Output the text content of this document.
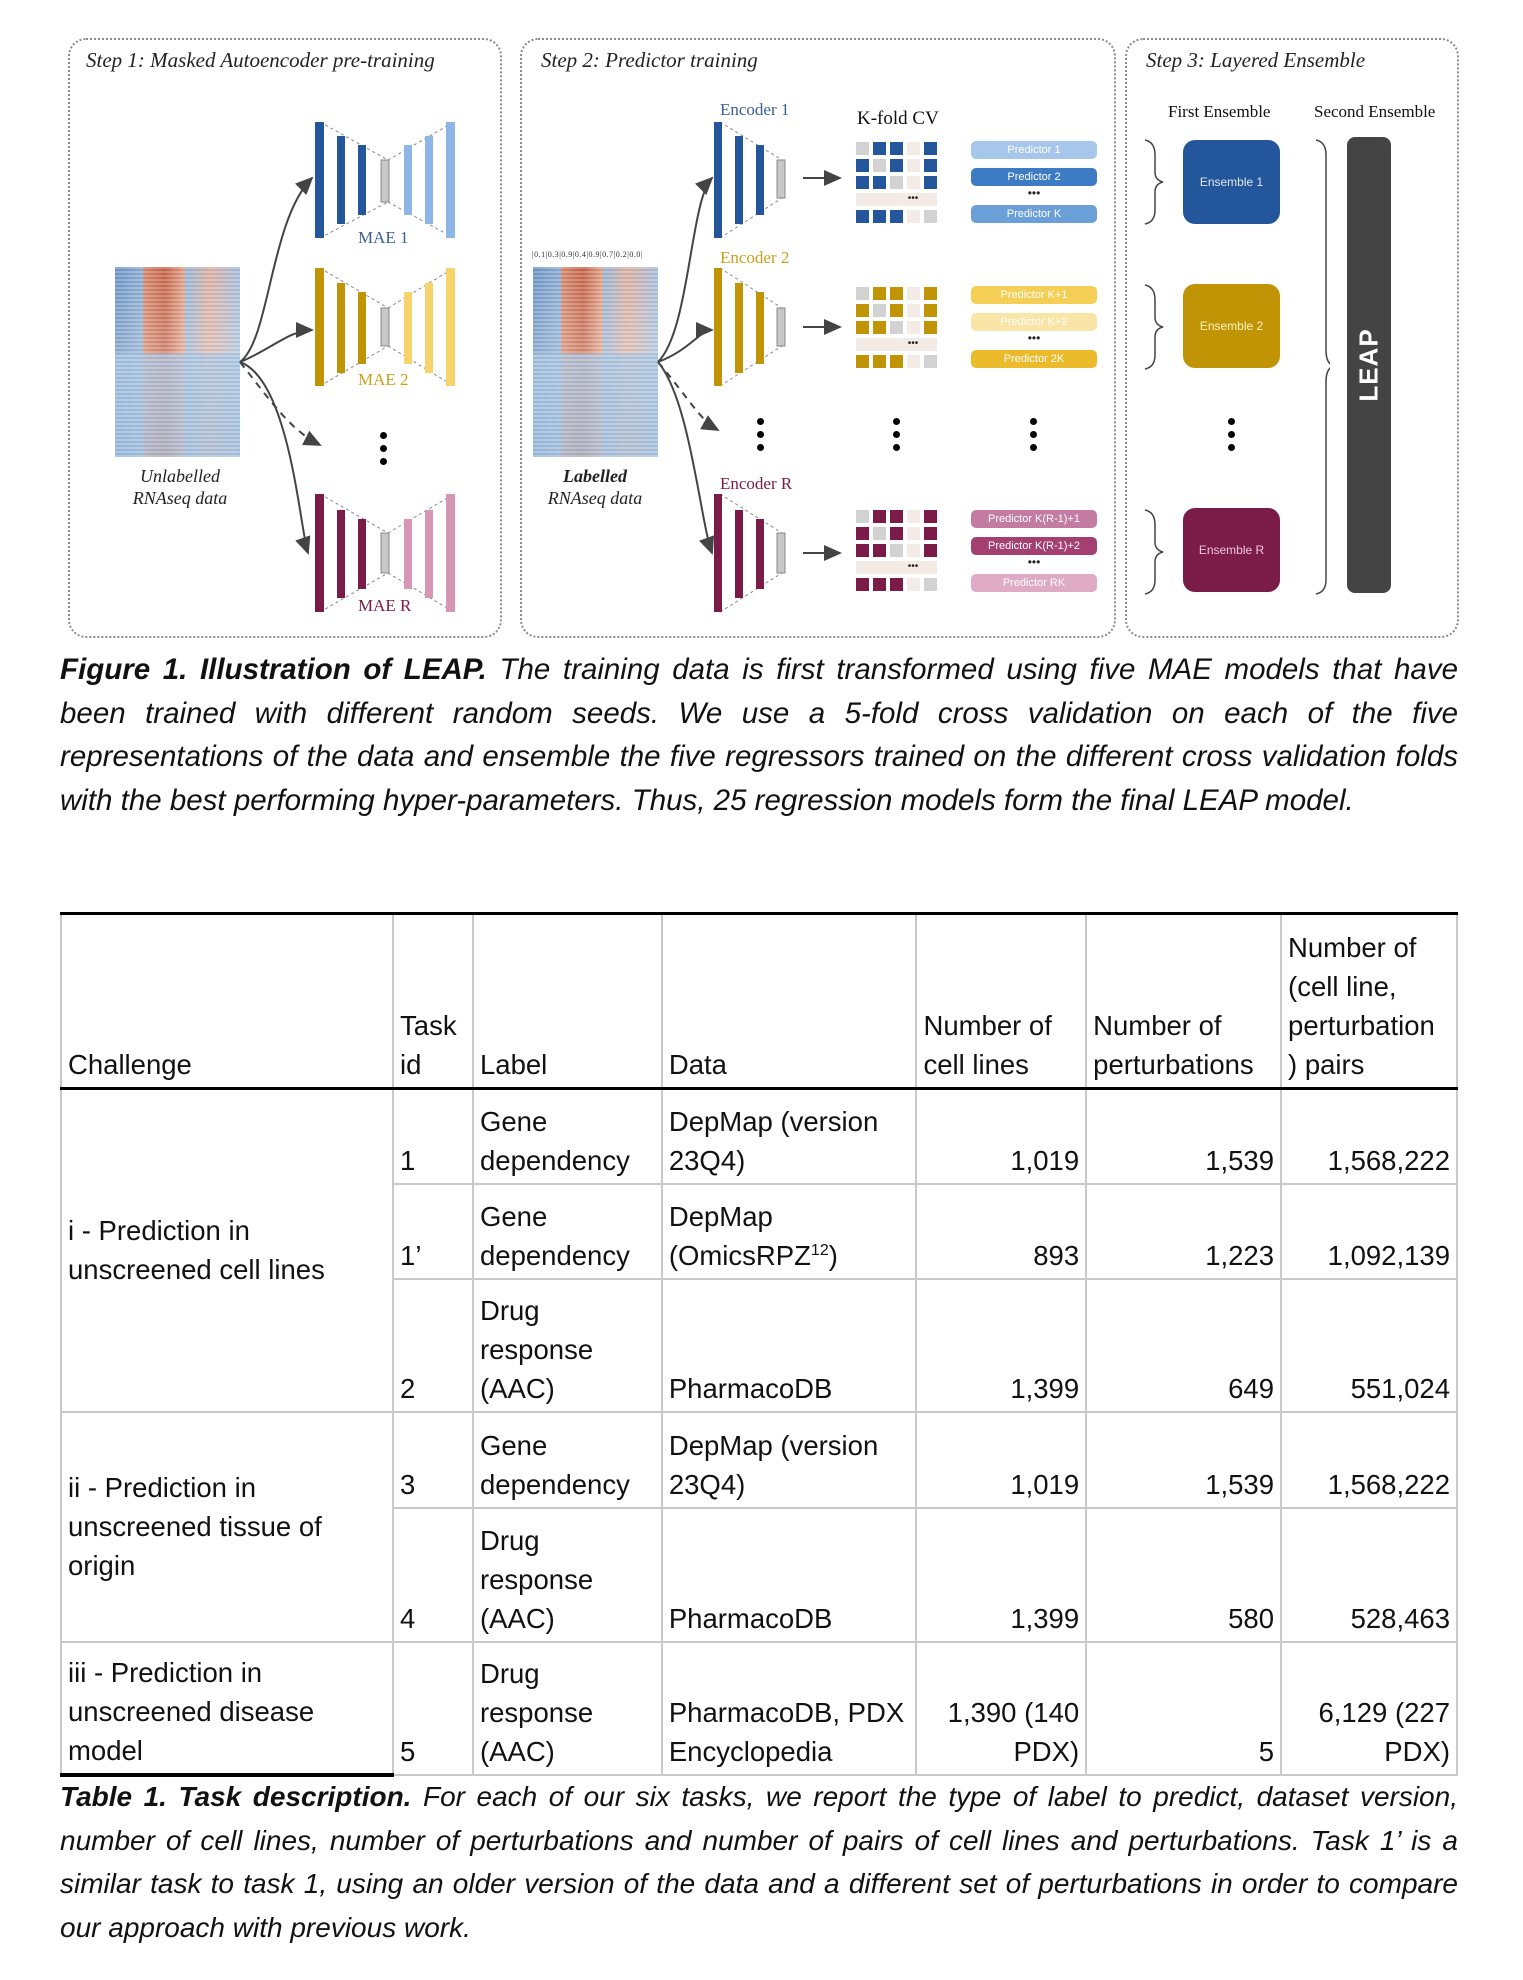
Step 1: Masked Autoencoder pre-training	Step 2: Predictor training	Step 3: Layered Ensemble
Unlabelled
RNAseq data
MAE 1
MAE 2
MAE R
|0.1|0.3|0.9|0.4|0.9|0.7|0.2|0.0|
Labelled
RNAseq data
•••
•••
•••
Encoder 1
Encoder 2
Encoder R
K-fold CV
Predictor 1
Predictor 2
•••
Predictor K
Predictor K+1
Predictor K+2
•••
Predictor 2K
Predictor K(R-1)+1
Predictor K(R-1)+2
•••
Predictor RK
First Ensemble	Second Ensemble
Ensemble 1
Ensemble 2
Ensemble R
LEAP
Figure 1. Illustration of LEAP. The training data is first transformed using five MAE models that have been trained with different random seeds. We use a 5-fold cross validation on each of the five representations of the data and ensemble the five regressors trained on the different cross validation folds with the best performing hyper-parameters. Thus, 25 regression models form the final LEAP model.
Challenge	Task id	Label	Data	Number of cell lines	Number of perturbations	Number of (cell line, perturbation ) pairs
i - Prediction in unscreened cell lines	1	Gene dependency	DepMap (version 23Q4)	1,019	1,539	1,568,222
	1’	Gene dependency	DepMap (OmicsRPZ$^{12}$)	893	1,223	1,092,139
	2	Drug response (AAC)	PharmacoDB	1,399	649	551,024
ii - Prediction in unscreened tissue of origin	3	Gene dependency	DepMap (version 23Q4)	1,019	1,539	1,568,222
	4	Drug response (AAC)	PharmacoDB	1,399	580	528,463
iii - Prediction in unscreened disease model	5	Drug response (AAC)	PharmacoDB, PDX Encyclopedia	1,390 (140 PDX)	5	6,129 (227 PDX)
Table 1. Task description. For each of our six tasks, we report the type of label to predict, dataset version, number of cell lines, number of perturbations and number of pairs of cell lines and perturbations. Task 1’ is a similar task to task 1, using an older version of the data and a different set of perturbations in order to compare our approach with previous work.
